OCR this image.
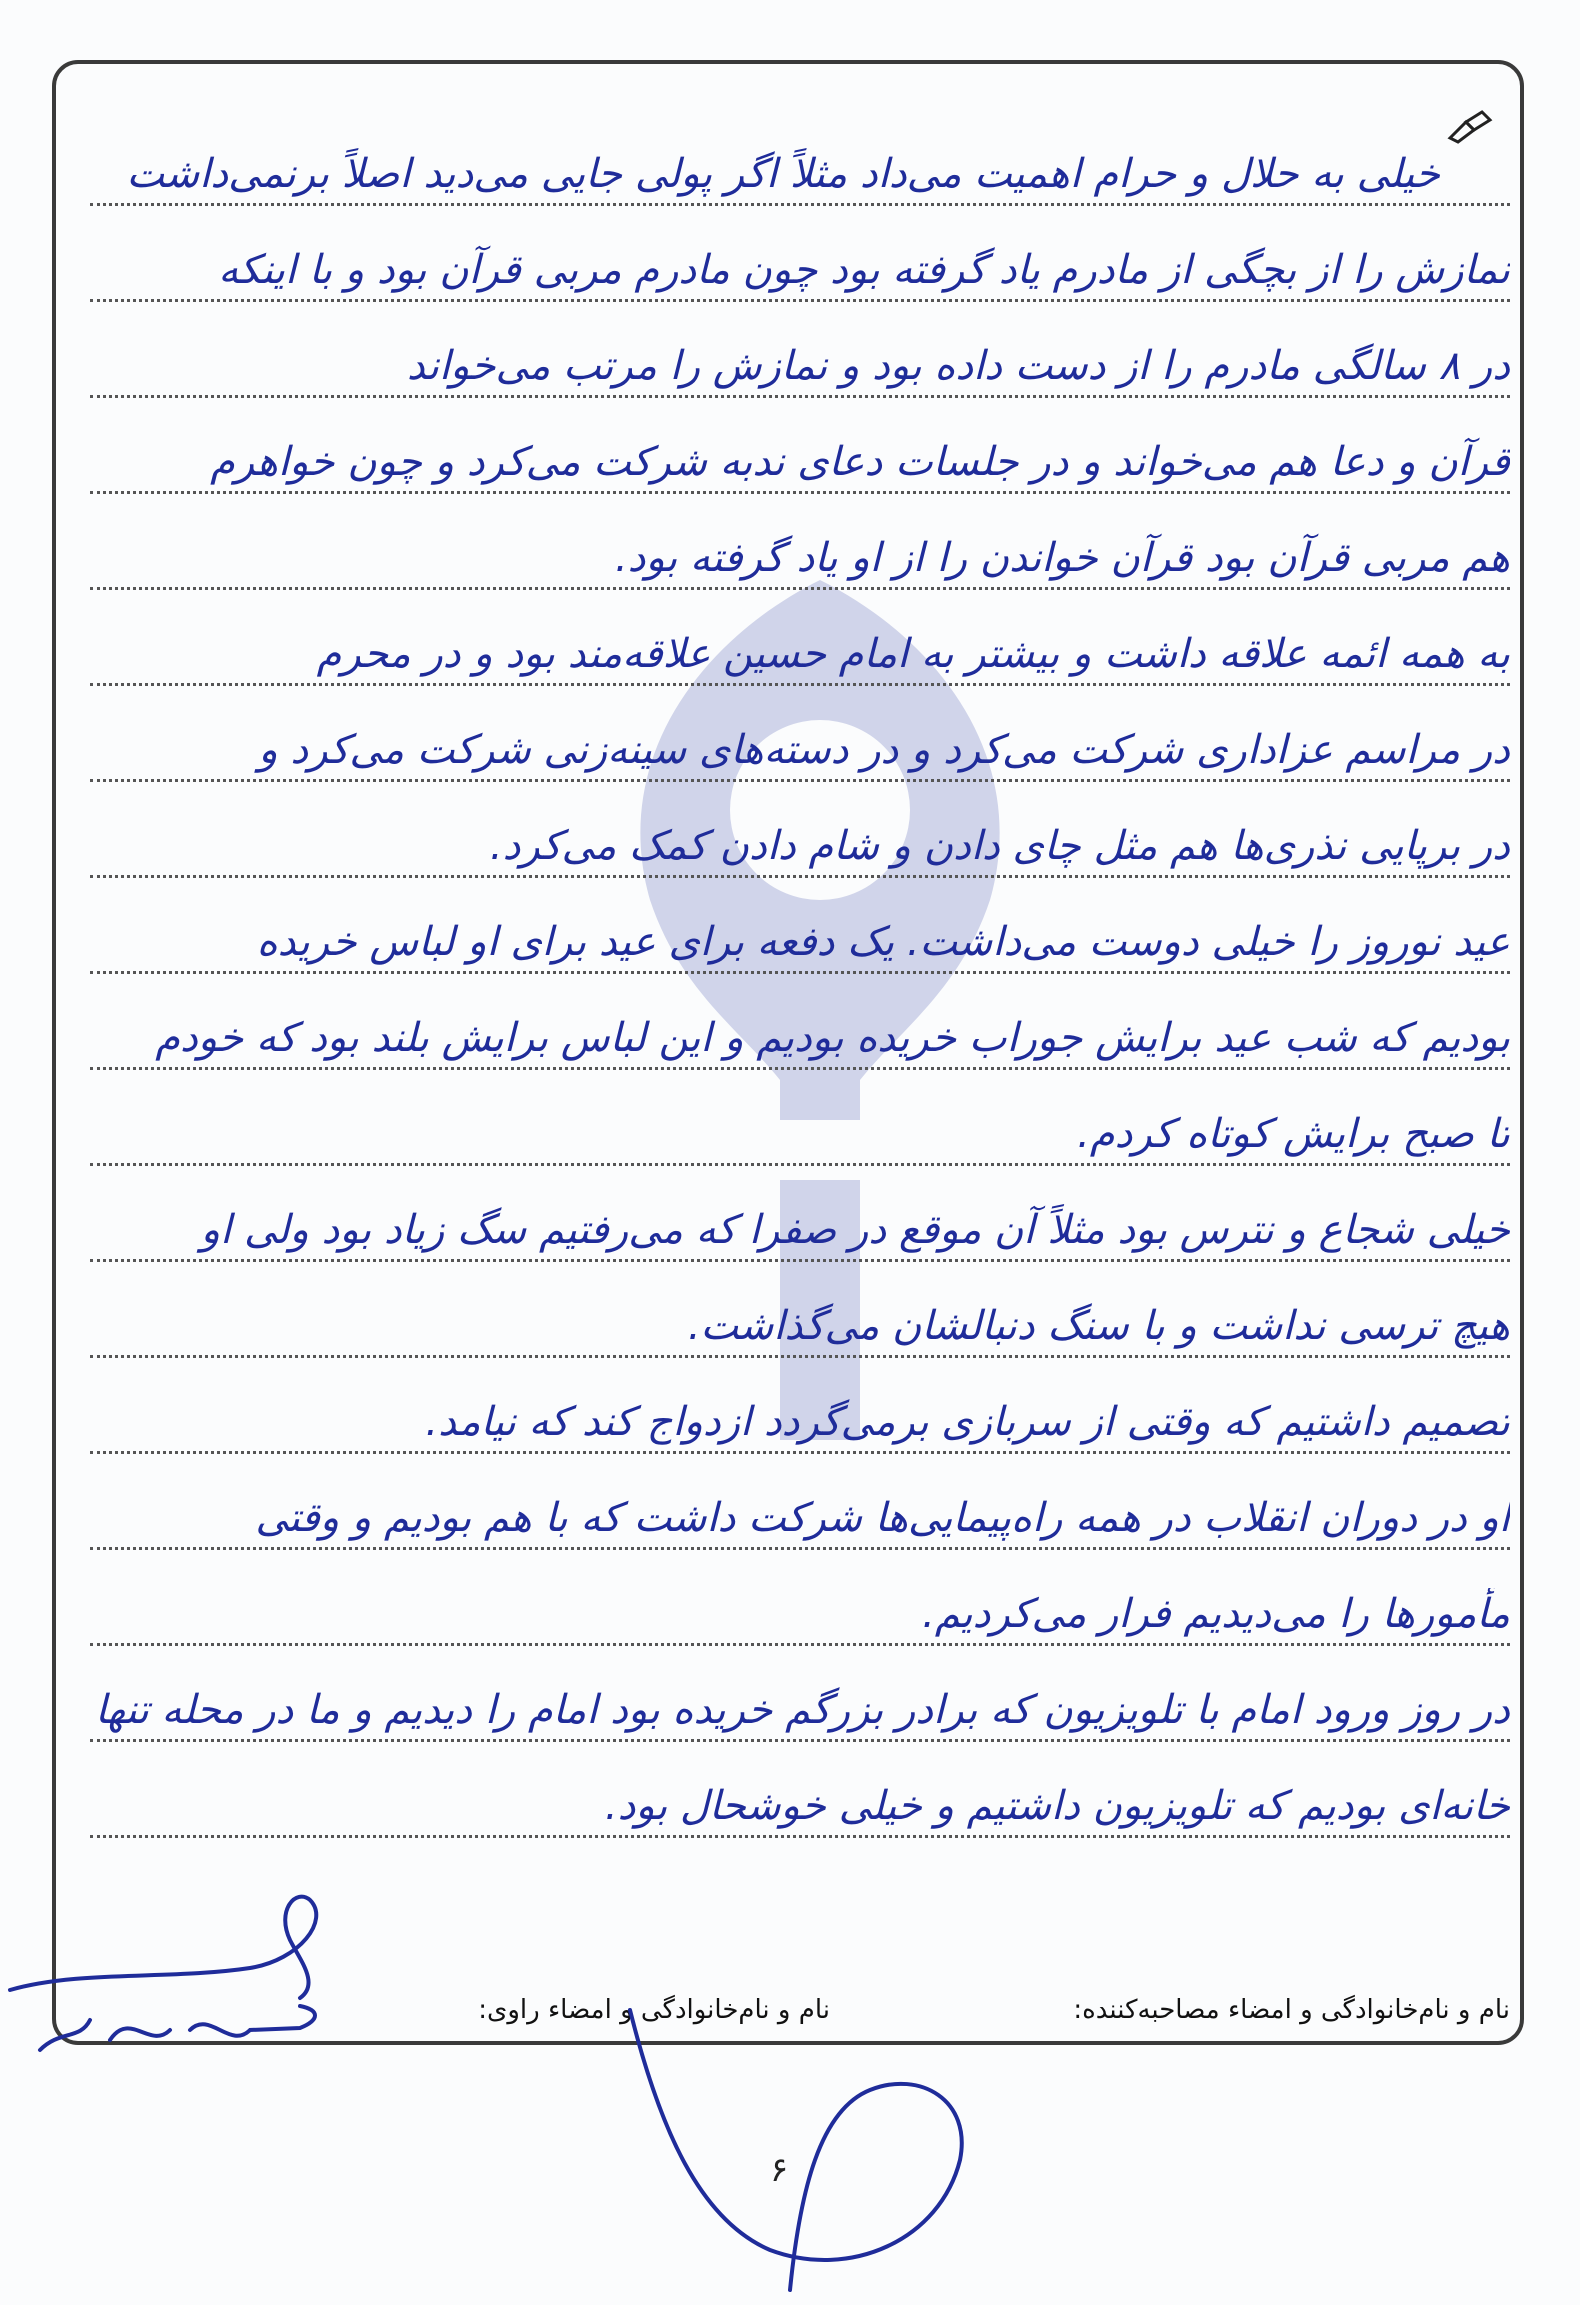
خیلی به حلال و حرام اهمیت می‌داد مثلاً اگر پولی جایی می‌دید اصلاً برنمی‌داشت
نمازش را از بچگی از مادرم یاد گرفته بود چون مادرم مربی قرآن بود و با اینکه
در ۸ سالگی مادرم را از دست داده بود و نمازش را مرتب می‌خواند
قرآن و دعا هم می‌خواند و در جلسات دعای ندبه شرکت می‌کرد و چون خواهرم
هم مربی قرآن بود قرآن خواندن را از او یاد گرفته بود.
به همه ائمه علاقه داشت و بیشتر به امام حسین علاقه‌مند بود و در محرم
در مراسم عزاداری شرکت می‌کرد و در دسته‌های سینه‌زنی شرکت می‌کرد و
در برپایی نذری‌ها هم مثل چای دادن و شام دادن کمک می‌کرد.
عید نوروز را خیلی دوست می‌داشت. یک دفعه برای عید برای او لباس خریده
بودیم که شب عید برایش جوراب خریده بودیم و این لباس برایش بلند بود که خودم
تا صبح برایش کوتاه کردم.
خیلی شجاع و نترس بود مثلاً آن موقع در صفرا که می‌رفتیم سگ زیاد بود ولی او
هیچ ترسی نداشت و با سنگ دنبالشان می‌گذاشت.
تصمیم داشتیم که وقتی از سربازی برمی‌گردد ازدواج کند که نیامد.
او در دوران انقلاب در همه راه‌پیمایی‌ها شرکت داشت که با هم بودیم و وقتی
مأمورها را می‌دیدیم فرار می‌کردیم.
در روز ورود امام با تلویزیون که برادر بزرگم خریده بود امام را دیدیم و ما در محله تنها
خانه‌ای بودیم که تلویزیون داشتیم و خیلی خوشحال بود.
نام و نام‌خانوادگی و امضاء مصاحبه‌کننده:
نام و نام‌خانوادگی و امضاء راوی:
۶
